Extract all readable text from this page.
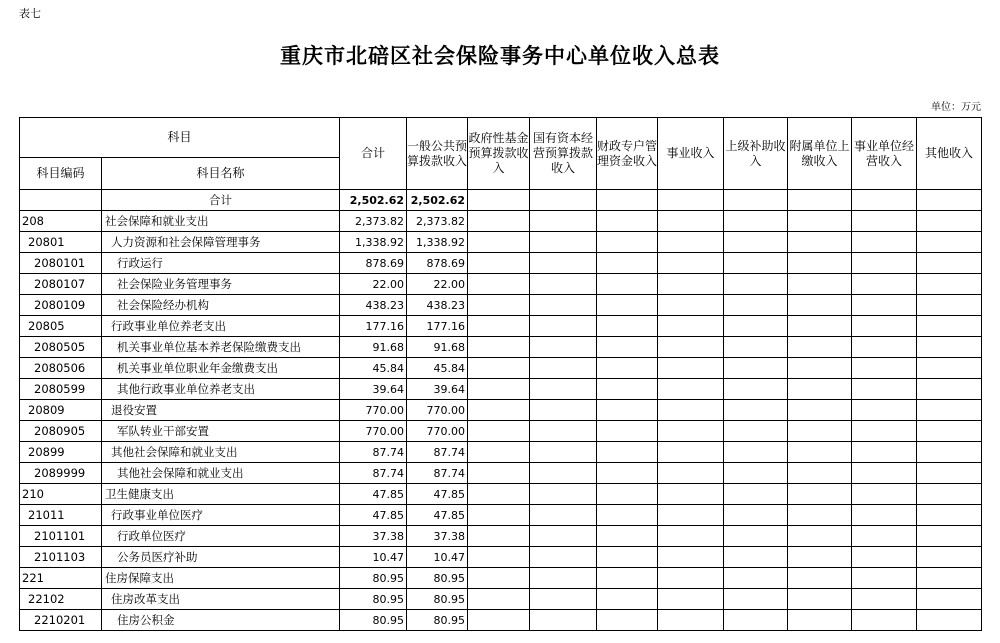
表七
重庆市北碚区社会保险事务中心单位收入总表
单位：万元
科目		合计	一般公共预算拨款收入	政府性基金预算拨款收入	国有资本经营预算拨款收入	财政专户管理资金收入	事业收入	上级补助收入	附属单位上缴收入	事业单位经营收入	其他收入
科目编码	科目名称										
	合计	2,502.62	2,502.62								
208	社会保障和就业支出	2,373.82	2,373.82								
20801	人力资源和社会保障管理事务	1,338.92	1,338.92								
2080101	行政运行	878.69	878.69								
2080107	社会保险业务管理事务	22.00	22.00								
2080109	社会保险经办机构	438.23	438.23								
20805	行政事业单位养老支出	177.16	177.16								
2080505	机关事业单位基本养老保险缴费支出	91.68	91.68								
2080506	机关事业单位职业年金缴费支出	45.84	45.84								
2080599	其他行政事业单位养老支出	39.64	39.64								
20809	退役安置	770.00	770.00								
2080905	军队转业干部安置	770.00	770.00								
20899	其他社会保障和就业支出	87.74	87.74								
2089999	其他社会保障和就业支出	87.74	87.74								
210	卫生健康支出	47.85	47.85								
21011	行政事业单位医疗	47.85	47.85								
2101101	行政单位医疗	37.38	37.38								
2101103	公务员医疗补助	10.47	10.47								
221	住房保障支出	80.95	80.95								
22102	住房改革支出	80.95	80.95								
2210201	住房公积金	80.95	80.95								
